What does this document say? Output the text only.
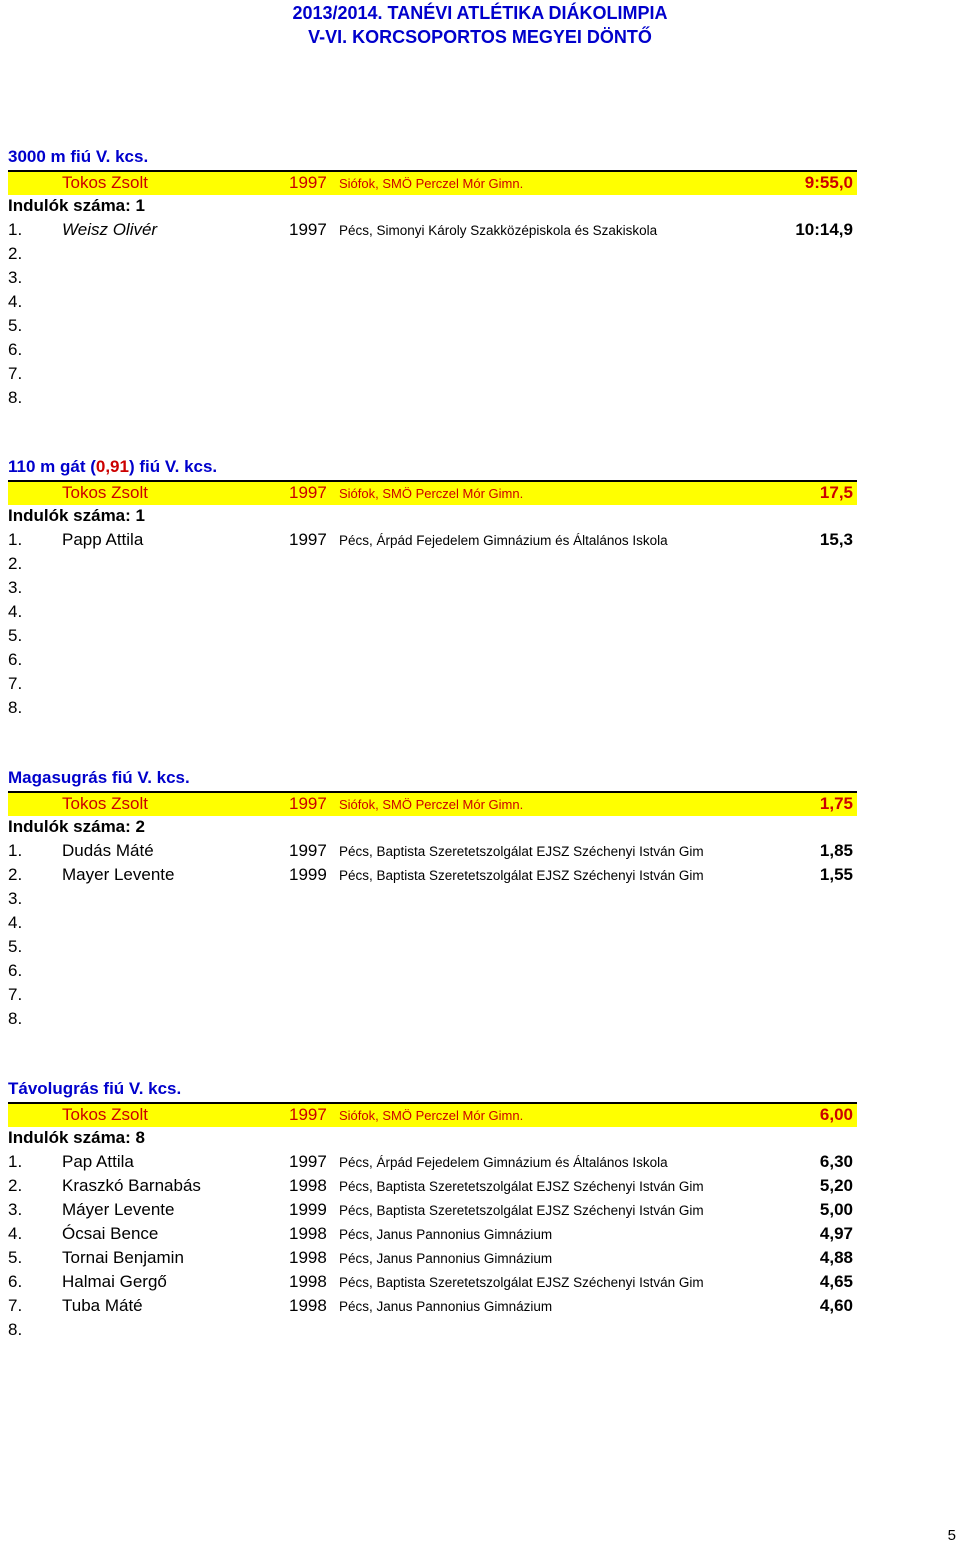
2013/2014. TANÉVI ATLÉTIKA DIÁKOLIMPIA
V-VI. KORCSOPORTOS MEGYEI DÖNTŐ
3000 m fiú V. kcs.
Tokos Zsolt	1997 Siófok, SMÖ Perczel Mór Gimn.	9:55,0
Indulók száma: 1
1. Weisz Olivér	1997 Pécs, Simonyi Károly Szakközépiskola és Szakiskola	10:14,9
2.
3.
4.
5.
6.
7.
8.
110 m gát (0,91) fiú V. kcs.
Tokos Zsolt	1997 Siófok, SMÖ Perczel Mór Gimn.	17,5
Indulók száma: 1
1. Papp Attila	1997 Pécs, Árpád Fejedelem Gimnázium és Általános Iskola	15,3
2.
3.
4.
5.
6.
7.
8.
Magasugrás fiú V. kcs.
Tokos Zsolt	1997 Siófok, SMÖ Perczel Mór Gimn.	1,75
Indulók száma: 2
1. Dudás Máté	1997 Pécs, Baptista Szeretetszolgálat EJSZ Széchenyi István Gim	1,85
2. Mayer Levente	1999 Pécs, Baptista Szeretetszolgálat EJSZ Széchenyi István Gim	1,55
3.
4.
5.
6.
7.
8.
Távolugrás fiú V. kcs.
Tokos Zsolt	1997 Siófok, SMÖ Perczel Mór Gimn.	6,00
Indulók száma: 8
1. Pap Attila	1997 Pécs, Árpád Fejedelem Gimnázium és Általános Iskola	6,30
2. Kraszkó Barnabás	1998 Pécs, Baptista Szeretetszolgálat EJSZ Széchenyi István Gim	5,20
3. Máyer Levente	1999 Pécs, Baptista Szeretetszolgálat EJSZ Széchenyi István Gim	5,00
4. Ócsai Bence	1998 Pécs, Janus Pannonius Gimnázium	4,97
5. Tornai Benjamin	1998 Pécs, Janus Pannonius Gimnázium	4,88
6. Halmai Gergő	1998 Pécs, Baptista Szeretetszolgálat EJSZ Széchenyi István Gim	4,65
7. Tuba Máté	1998 Pécs, Janus Pannonius Gimnázium	4,60
8.
5
